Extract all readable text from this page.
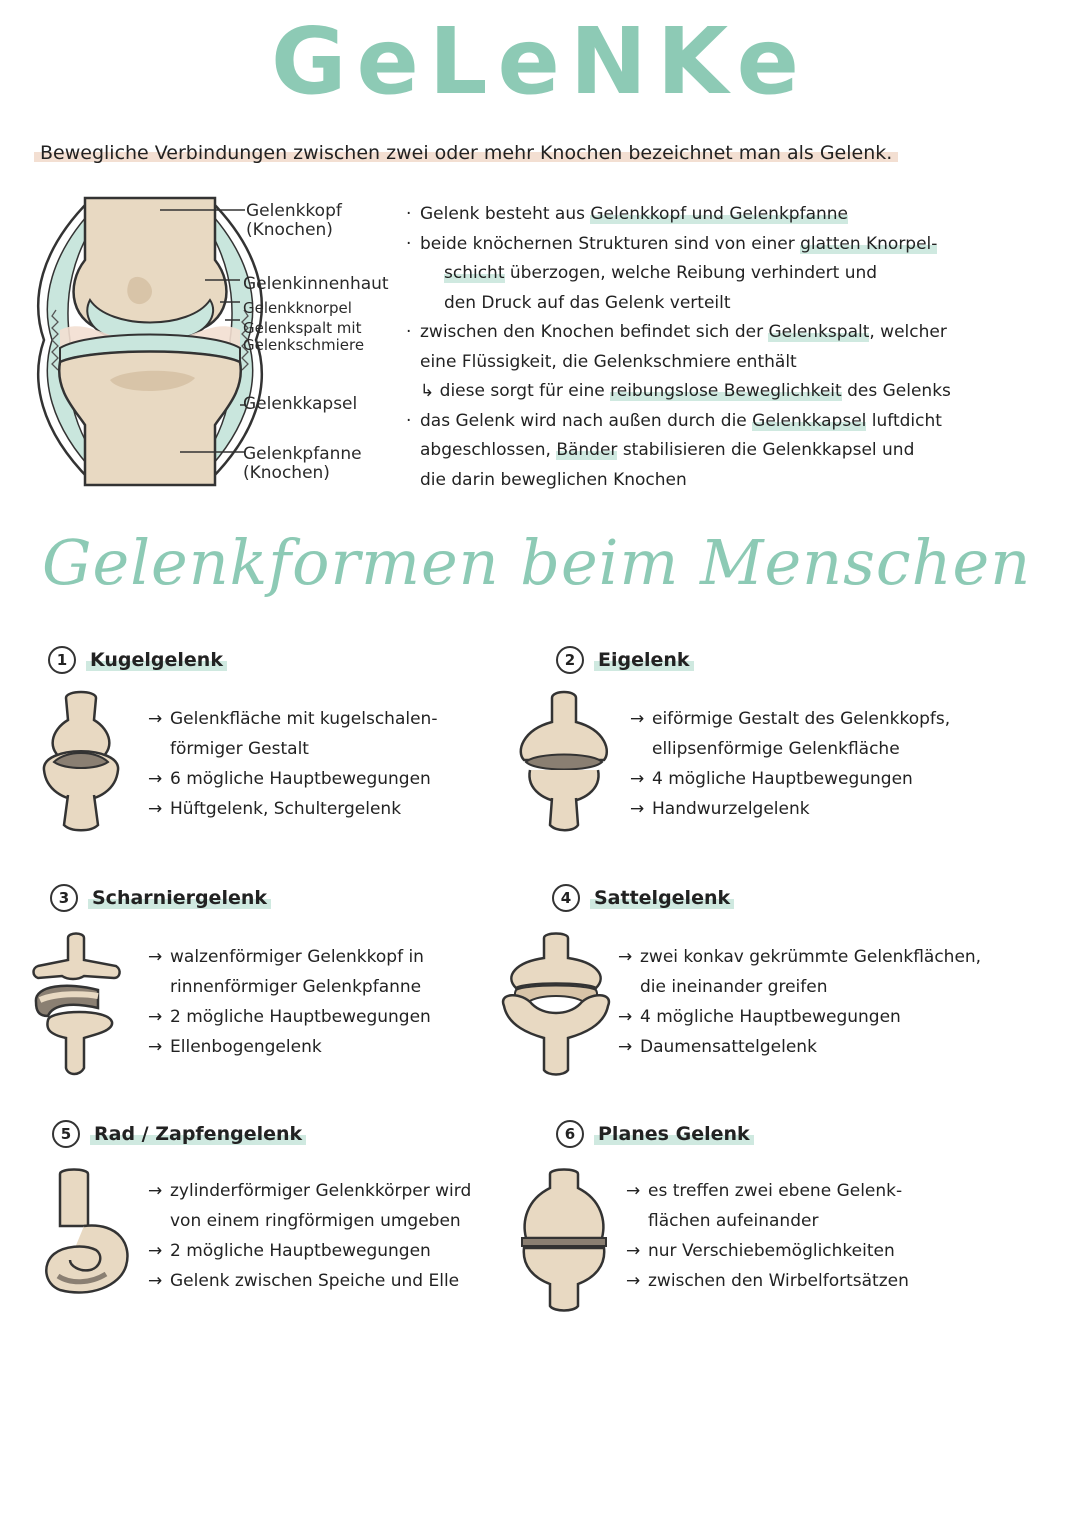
GeLeNKe
Bewegliche Verbindungen zwischen zwei oder mehr Knochen bezeichnet man als Gelenk.
Gelenkkopf
(Knochen)
Gelenkinnenhaut
Gelenkknorpel
Gelenkspalt mit
Gelenkschmiere
Gelenkkapsel
Gelenkpfanne
(Knochen)
· Gelenk besteht aus Gelenkkopf und Gelenkpfanne
· beide knöchernen Strukturen sind von einer glatten Knorpel-
schicht überzogen, welche Reibung verhindert und
den Druck auf das Gelenk verteilt
· zwischen den Knochen befindet sich der Gelenkspalt, welcher
eine Flüssigkeit, die Gelenkschmiere enthält
↳ diese sorgt für eine reibungslose Beweglichkeit des Gelenks
· das Gelenk wird nach außen durch die Gelenkkapsel luftdicht
abgeschlossen, Bänder stabilisieren die Gelenkkapsel und
die darin beweglichen Knochen
Gelenkformen beim Menschen
1 Kugelgelenk
→ Gelenkfläche mit kugelschalen-
förmiger Gestalt
→ 6 mögliche Hauptbewegungen
→ Hüftgelenk, Schultergelenk
2 Eigelenk
→ eiförmige Gestalt des Gelenkkopfs,
ellipsenförmige Gelenkfläche
→ 4 mögliche Hauptbewegungen
→ Handwurzelgelenk
3 Scharniergelenk
→ walzenförmiger Gelenkkopf in
rinnenförmiger Gelenkpfanne
→ 2 mögliche Hauptbewegungen
→ Ellenbogengelenk
4 Sattelgelenk
→ zwei konkav gekrümmte Gelenkflächen,
die ineinander greifen
→ 4 mögliche Hauptbewegungen
→ Daumensattelgelenk
5 Rad / Zapfengelenk
→ zylinderförmiger Gelenkkörper wird
von einem ringförmigen umgeben
→ 2 mögliche Hauptbewegungen
→ Gelenk zwischen Speiche und Elle
6 Planes Gelenk
→ es treffen zwei ebene Gelenk-
flächen aufeinander
→ nur Verschiebemöglichkeiten
→ zwischen den Wirbelfortsätzen
